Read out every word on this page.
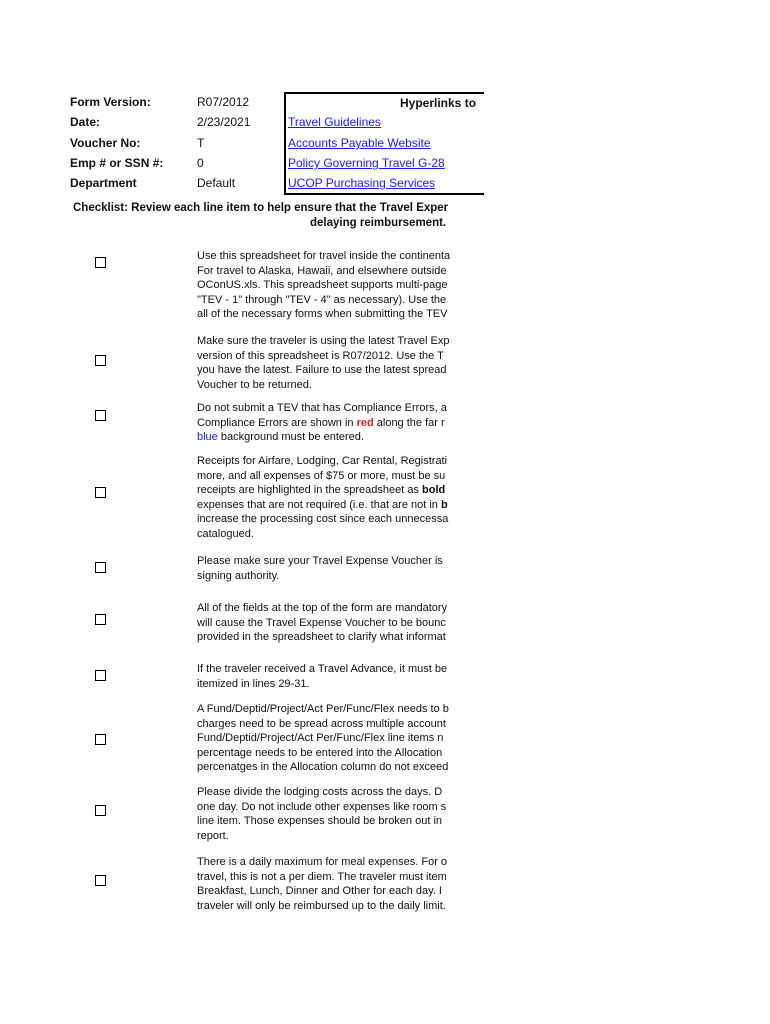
Form Version:	R07/2012
Date:	2/23/2021
Voucher No:	T
Emp # or SSN #:	0
Department	Default
Hyperlinks to
Travel Guidelines
Accounts Payable Website
Policy Governing Travel G-28
UCOP Purchasing Services
Checklist: Review each line item to help ensure that the Travel Exper
delaying reimbursement.
Use this spreadsheet for travel inside the continenta
For travel to Alaska, Hawaii, and elsewhere outside
OConUS.xls. This spreadsheet supports multi-page
"TEV - 1" through "TEV - 4" as necessary). Use the
all of the necessary forms when submitting the TEV
Make sure the traveler is using the latest Travel Exp
version of this spreadsheet is R07/2012. Use the T
you have the latest. Failure to use the latest spread
Voucher to be returned.
Do not submit a TEV that has Compliance Errors, a
Compliance Errors are shown in red along the far r
blue background must be entered.
Receipts for Airfare, Lodging, Car Rental, Registrati
more, and all expenses of $75 or more, must be su
receipts are highlighted in the spreadsheet as bold
expenses that are not required (i.e. that are not in b
increase the processing cost since each unnecessa
catalogued.
Please make sure your Travel Expense Voucher is
signing authority.
All of the fields at the top of the form are mandatory
will cause the Travel Expense Voucher to be bounc
provided in the spreadsheet to clarify what informat
If the traveler received a Travel Advance, it must be
itemized in lines 29-31.
A Fund/Deptid/Project/Act Per/Func/Flex needs to b
charges need to be spread across multiple account
Fund/Deptid/Project/Act Per/Func/Flex line items n
percentage needs to be entered into the Allocation
percenatges in the Allocation column do not exceed
Please divide the lodging costs across the days. D
one day. Do not include other expenses like room s
line item. Those expenses should be broken out in
report.
There is a daily maximum for meal expenses. For o
travel, this is not a per diem. The traveler must item
Breakfast, Lunch, Dinner and Other for each day. I
traveler will only be reimbursed up to the daily limit.
